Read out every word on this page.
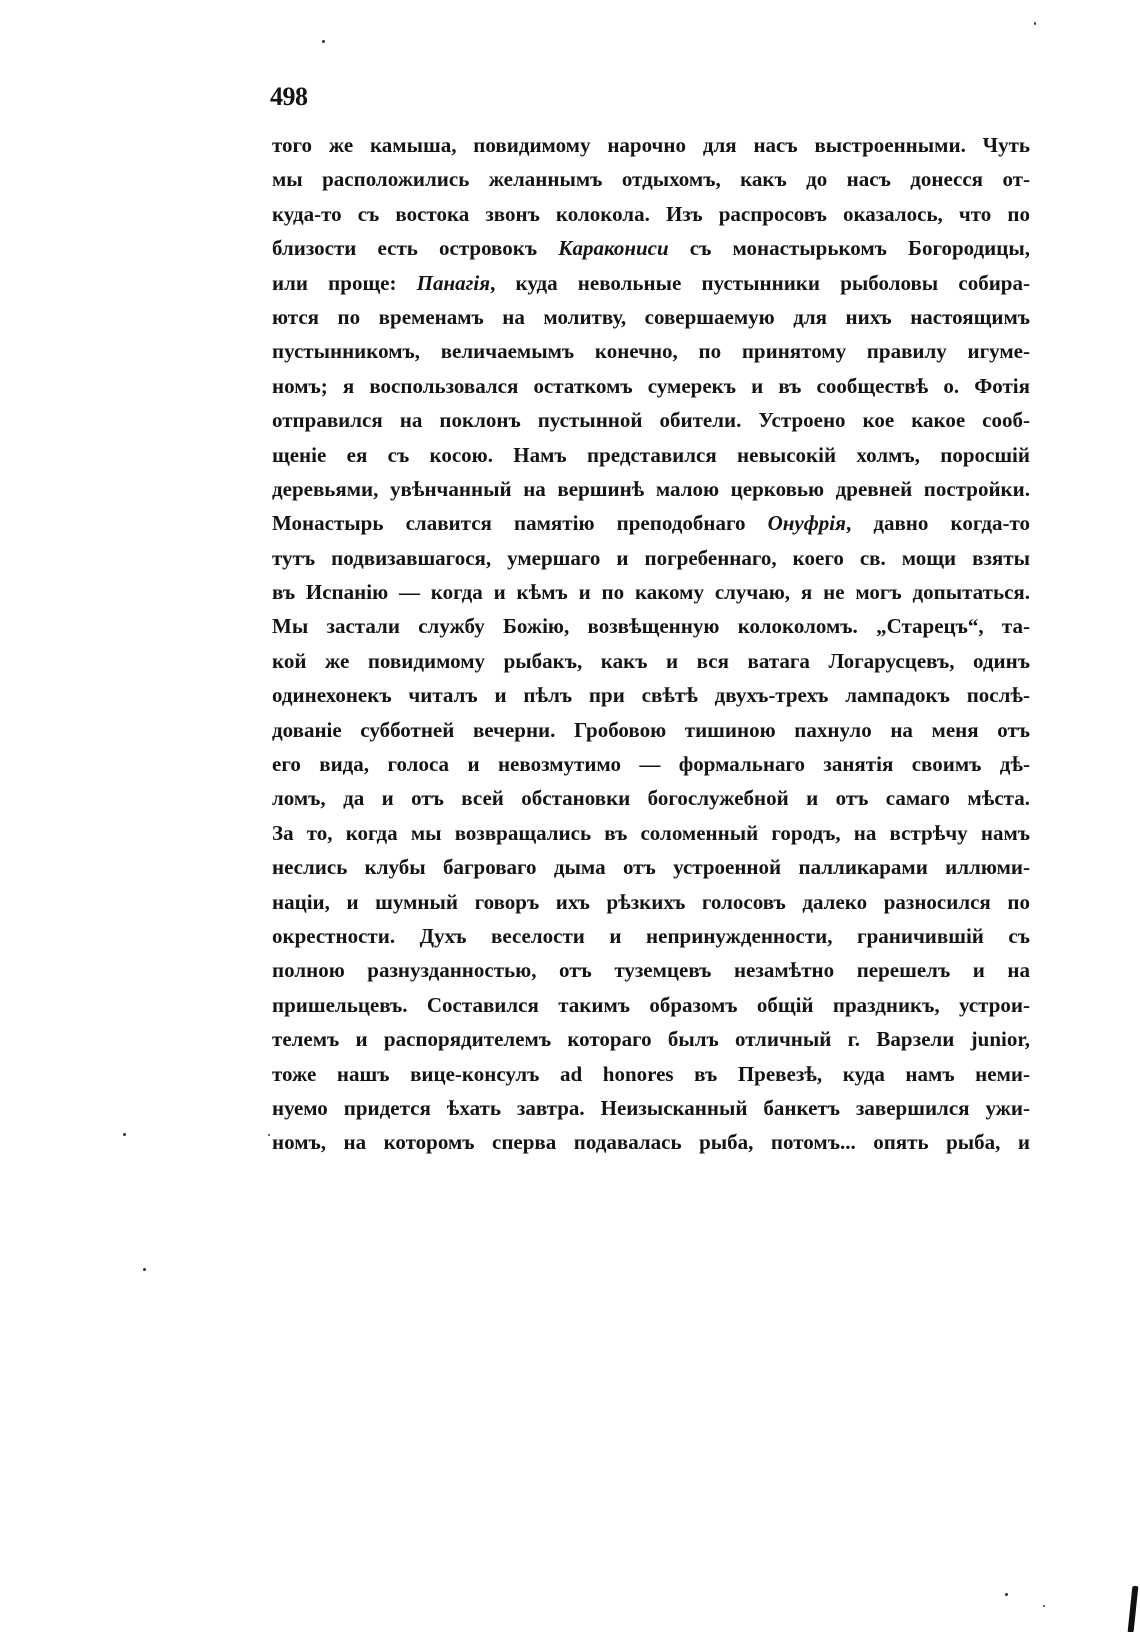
498
того же камыша, повидимому нарочно для насъ выстроенными. Чуть
мы расположились желаннымъ отдыхомъ, какъ до насъ донесся от-
куда-то съ востока звонъ колокола. Изъ распросовъ оказалось, что по
близости есть островокъ Каракониси съ монастырькомъ Богородицы,
или проще: Панагія, куда невольные пустынники рыболовы собира-
ются по временамъ на молитву, совершаемую для нихъ настоящимъ
пустынникомъ, величаемымъ конечно, по принятому правилу игуме-
номъ; я воспользовался остаткомъ сумерекъ и въ сообществѣ о. Фотія
отправился на поклонъ пустынной обители. Устроено кое какое сооб-
щеніе ея съ косою. Намъ представился невысокій холмъ, поросшій
деревьями, увѣнчанный на вершинѣ малою церковью древней постройки.
Монастырь славится памятію преподобнаго Онуфрія, давно когда-то
тутъ подвизавшагося, умершаго и погребеннаго, коего св. мощи взяты
въ Испанію — когда и кѣмъ и по какому случаю, я не могъ допытаться.
Мы застали службу Божію, возвѣщенную колоколомъ. „Старецъ“, та-
кой же повидимому рыбакъ, какъ и вся ватага Логарусцевъ, одинъ
одинехонекъ читалъ и пѣлъ при свѣтѣ двухъ-трехъ лампадокъ послѣ-
дованіе субботней вечерни. Гробовою тишиною пахнуло на меня отъ
его вида, голоса и невозмутимо — формальнаго занятія своимъ дѣ-
ломъ, да и отъ всей обстановки богослужебной и отъ самаго мѣста.
За то, когда мы возвращались въ соломенный городъ, на встрѣчу намъ
неслись клубы багроваго дыма отъ устроенной палликарами иллюми-
націи, и шумный говоръ ихъ рѣзкихъ голосовъ далеко разносился по
окрестности. Духъ веселости и непринужденности, граничившій съ
полною разнузданностью, отъ туземцевъ незамѣтно перешелъ и на
пришельцевъ. Составился такимъ образомъ общій праздникъ, устрои-
телемъ и распорядителемъ котораго былъ отличный г. Варзели junior,
тоже нашъ вице-консулъ ad honores въ Превезѣ, куда намъ неми-
нуемо придется ѣхать завтра. Неизысканный банкетъ завершился ужи-
номъ, на которомъ сперва подавалась рыба, потомъ... опять рыба, и
